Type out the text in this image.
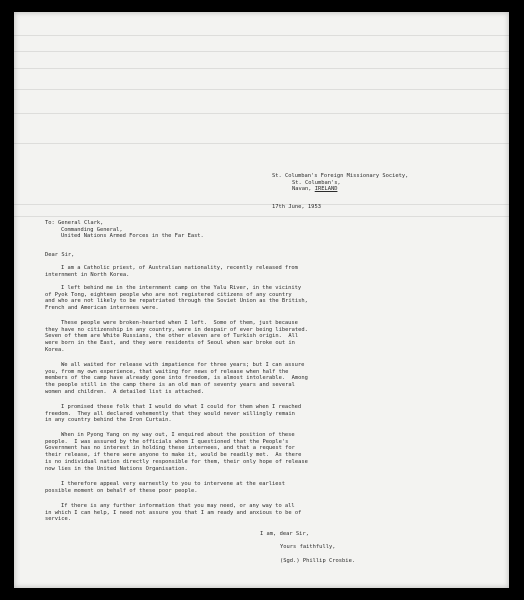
St. Columban's Foreign Missionary Society,
St. Columban's,
Navan, IRELAND
17th June, 1953
To: General Clark,
Commanding General,
United Nations Armed Forces in the Far East.
Dear Sir,
I am a Catholic priest, of Australian nationality, recently released from
internment in North Korea.
I left behind me in the internment camp on the Yalu River, in the vicinity
of Pyok Tong, eighteen people who are not registered citizens of any country
and who are not likely to be repatriated through the Soviet Union as the British,
French and American internees were.
These people were broken-hearted when I left.  Some of them, just because
they have no citizenship in any country, were in despair of ever being liberated.
Seven of them are White Russians, the other eleven are of Turkish origin.  All
were born in the East, and they were residents of Seoul when war broke out in
Korea.
We all waited for release with impatience for three years; but I can assure
you, from my own experience, that waiting for news of release when half the
members of the camp have already gone into freedom, is almost intolerable.  Among
the people still in the camp there is an old man of seventy years and several
women and children.  A detailed list is attached.
I promised these folk that I would do what I could for them when I reached
freedom.  They all declared vehemently that they would never willingly remain
in any country behind the Iron Curtain.
When in Pyong Yang on my way out, I enquired about the position of these
people.  I was assured by the officials whom I questioned that the People's
Government has no interest in holding these internees, and that a request for
their release, if there were anyone to make it, would be readily met.  As there
is no individual nation directly responsible for them, their only hope of release
now lies in the United Nations Organisation.
I therefore appeal very earnestly to you to intervene at the earliest
possible moment on behalf of these poor people.
If there is any further information that you may need, or any way to all
in which I can help, I need not assure you that I am ready and anxious to be of
service.
I am, dear Sir,
Yours faithfully,
(Sgd.) Phillip Crosbie.
